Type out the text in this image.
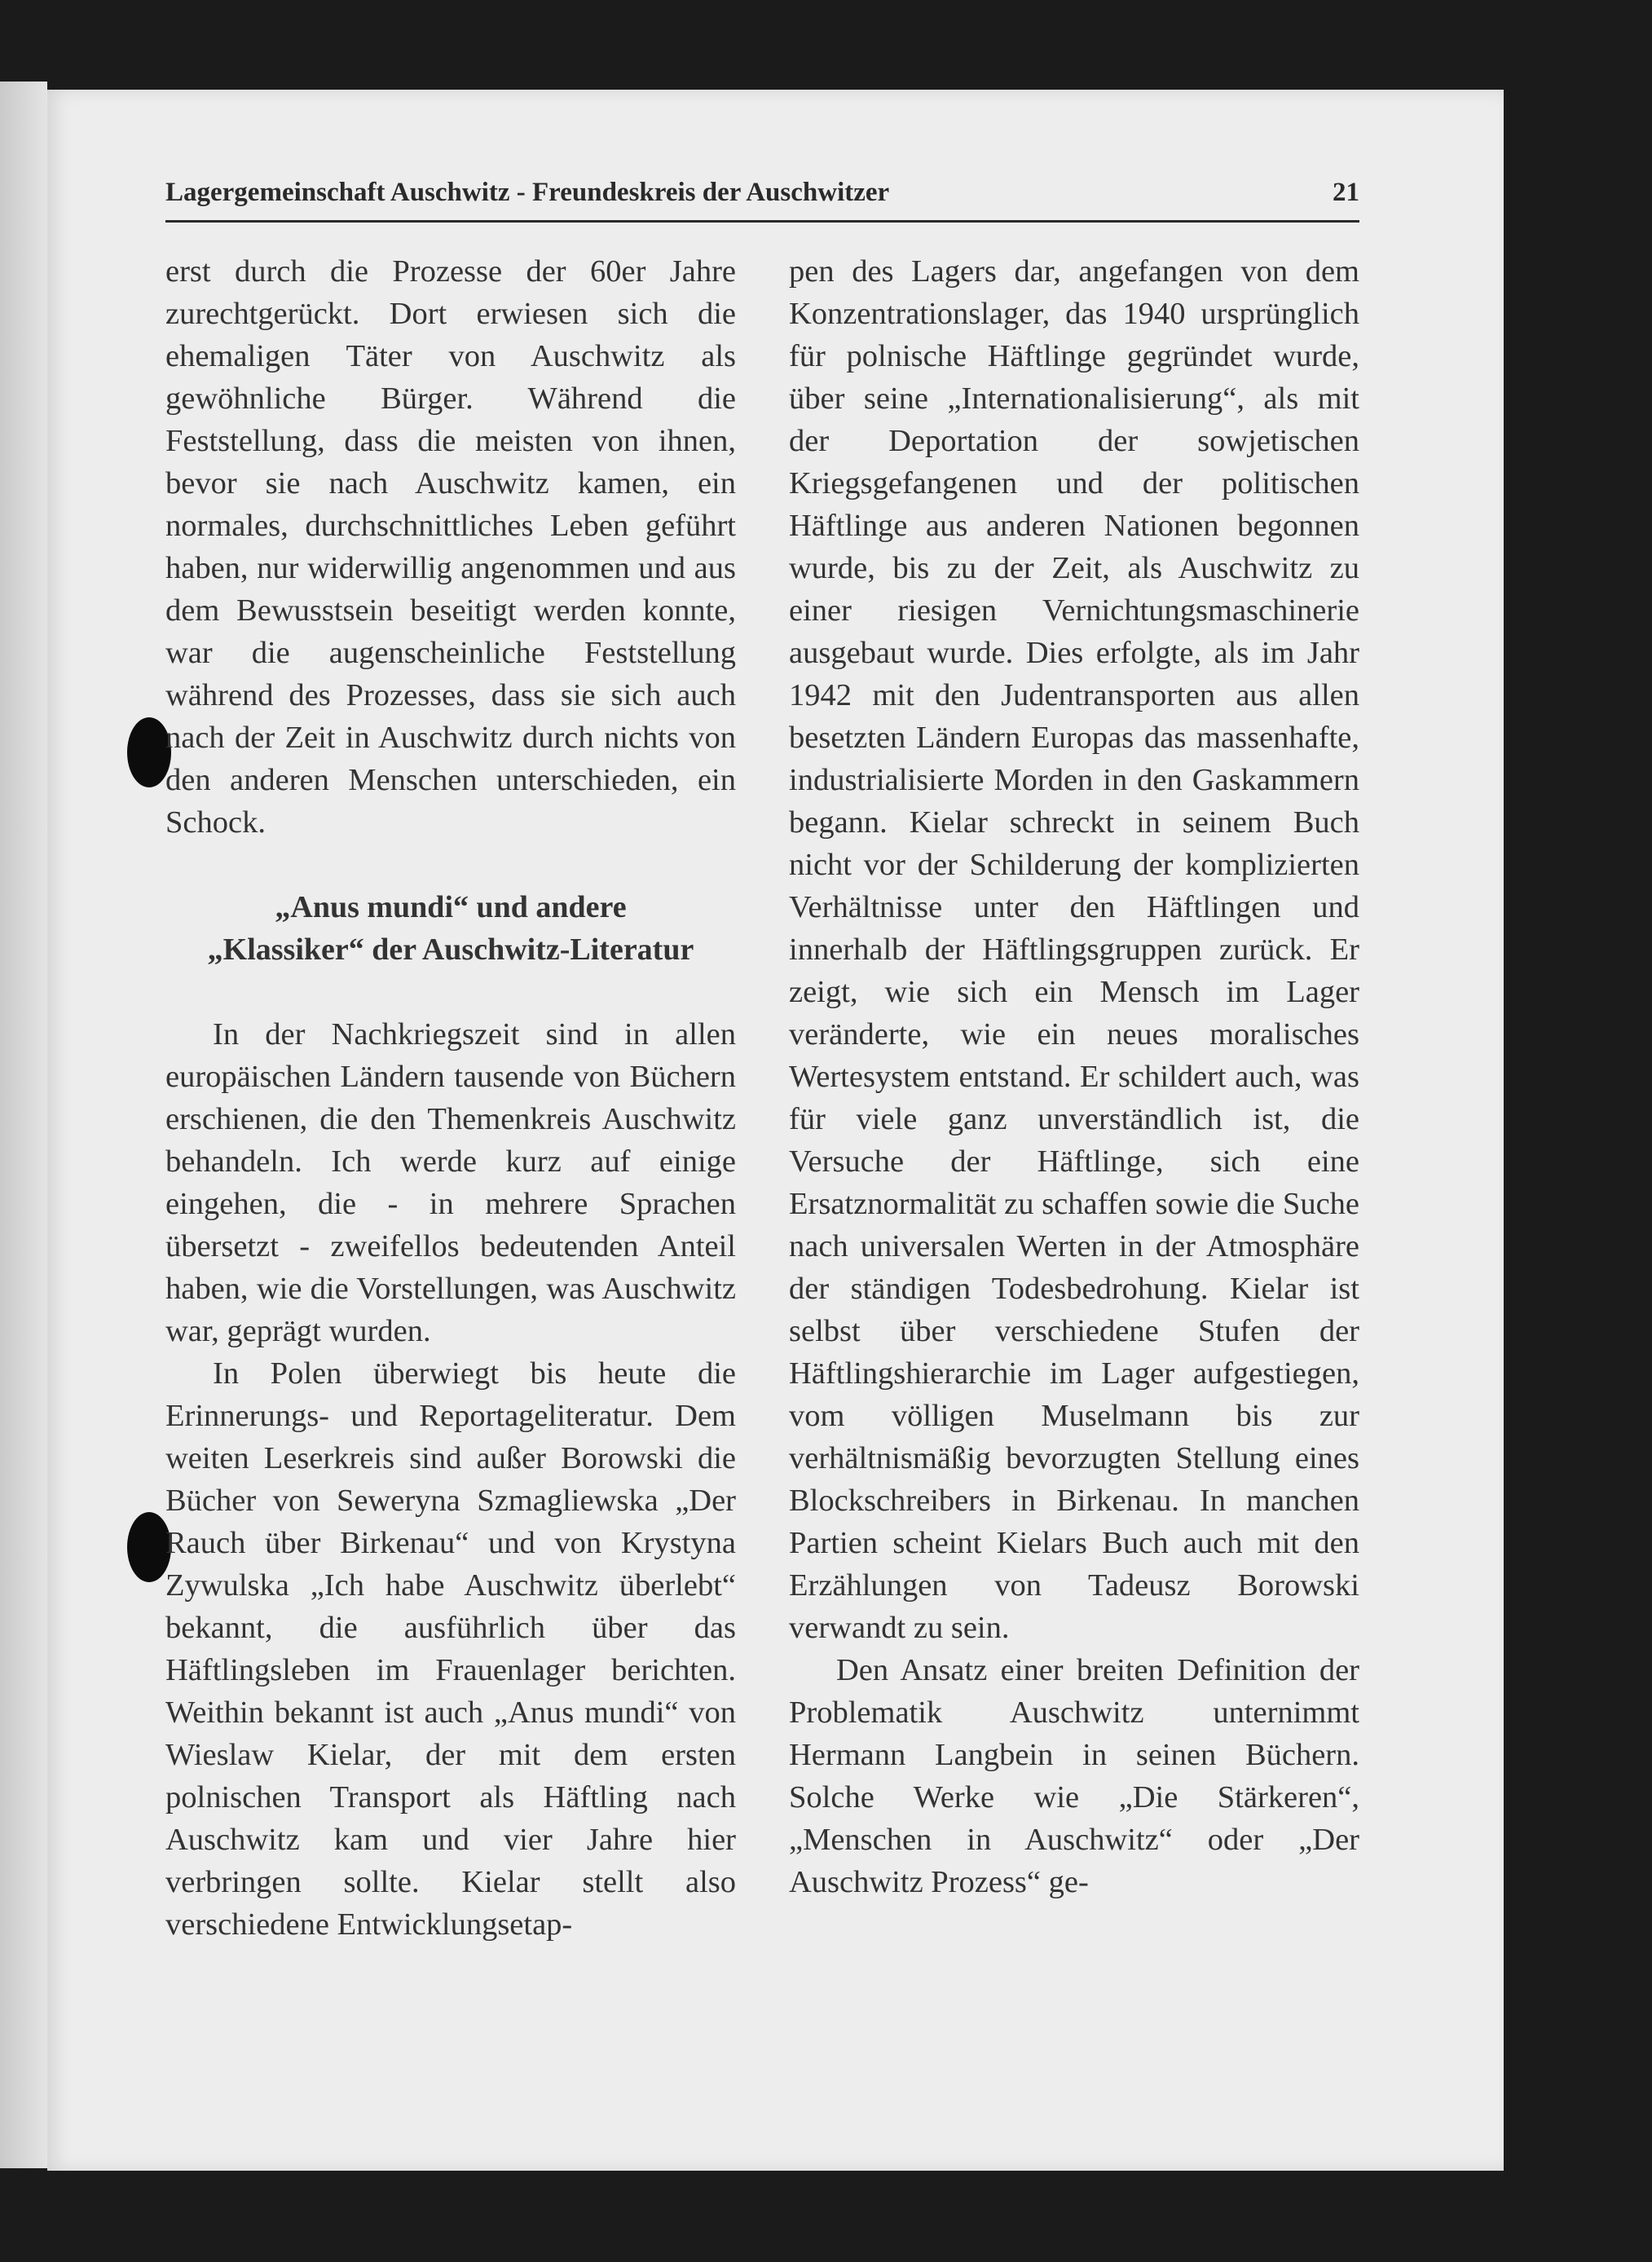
Lagergemeinschaft Auschwitz - Freundeskreis der Auschwitzer	21

erst durch die Prozesse der 60er Jahre zurechtgerückt. Dort erwiesen sich die ehemaligen Täter von Auschwitz als gewöhnliche Bürger. Während die Feststellung, dass die meisten von ihnen, bevor sie nach Auschwitz kamen, ein normales, durchschnittliches Leben geführt haben, nur widerwillig angenommen und aus dem Bewusstsein beseitigt werden konnte, war die augenscheinliche Feststellung während des Prozesses, dass sie sich auch nach der Zeit in Auschwitz durch nichts von den anderen Menschen unterschieden, ein Schock.

„Anus mundi“ und andere
„Klassiker“ der Auschwitz-Literatur

In der Nachkriegszeit sind in allen europäischen Ländern tausende von Büchern erschienen, die den Themenkreis Auschwitz behandeln. Ich werde kurz auf einige eingehen, die - in mehrere Sprachen übersetzt - zweifellos bedeutenden Anteil haben, wie die Vorstellungen, was Auschwitz war, geprägt wurden.

In Polen überwiegt bis heute die Erinnerungs- und Reportageliteratur. Dem weiten Leserkreis sind außer Borowski die Bücher von Seweryna Szmagliewska „Der Rauch über Birkenau“ und von Krystyna Zywulska „Ich habe Auschwitz überlebt“ bekannt, die ausführlich über das Häftlingsleben im Frauenlager berichten. Weithin bekannt ist auch „Anus mundi“ von Wieslaw Kielar, der mit dem ersten polnischen Transport als Häftling nach Auschwitz kam und vier Jahre hier verbringen sollte. Kielar stellt also verschiedene Entwicklungsetap-

pen des Lagers dar, angefangen von dem Konzentrationslager, das 1940 ursprünglich für polnische Häftlinge gegründet wurde, über seine „Internationalisierung“, als mit der Deportation der sowjetischen Kriegsgefangenen und der politischen Häftlinge aus anderen Nationen begonnen wurde, bis zu der Zeit, als Auschwitz zu einer riesigen Vernichtungsmaschinerie ausgebaut wurde. Dies erfolgte, als im Jahr 1942 mit den Judentransporten aus allen besetzten Ländern Europas das massenhafte, industrialisierte Morden in den Gaskammern begann. Kielar schreckt in seinem Buch nicht vor der Schilderung der komplizierten Verhältnisse unter den Häftlingen und innerhalb der Häftlingsgruppen zurück. Er zeigt, wie sich ein Mensch im Lager veränderte, wie ein neues moralisches Wertesystem entstand. Er schildert auch, was für viele ganz unverständlich ist, die Versuche der Häftlinge, sich eine Ersatznormalität zu schaffen sowie die Suche nach universalen Werten in der Atmosphäre der ständigen Todesbedrohung. Kielar ist selbst über verschiedene Stufen der Häftlingshierarchie im Lager aufgestiegen, vom völligen Muselmann bis zur verhältnismäßig bevorzugten Stellung eines Blockschreibers in Birkenau. In manchen Partien scheint Kielars Buch auch mit den Erzählungen von Tadeusz Borowski verwandt zu sein.

Den Ansatz einer breiten Definition der Problematik Auschwitz unternimmt Hermann Langbein in seinen Büchern. Solche Werke wie „Die Stärkeren“, „Menschen in Auschwitz“ oder „Der Auschwitz Prozess“ ge-
